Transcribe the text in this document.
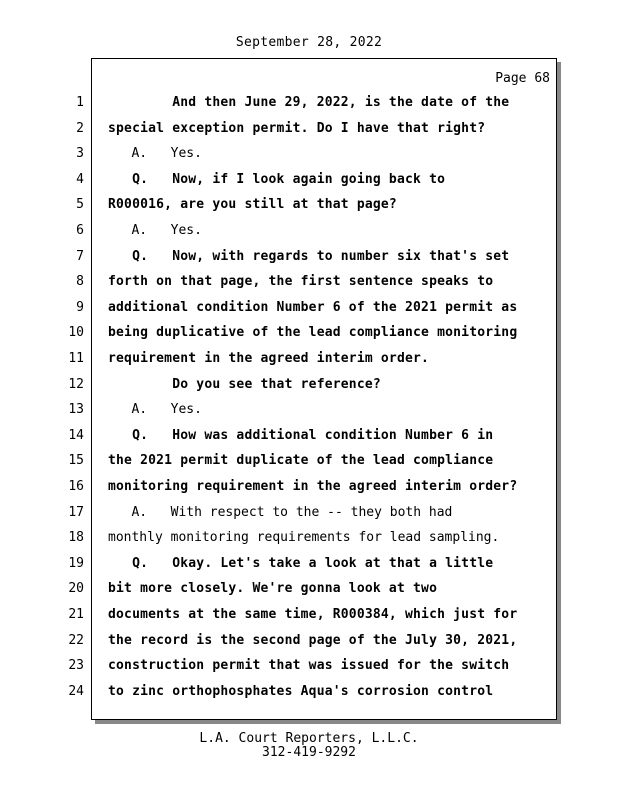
September 28, 2022
Page 68
1 And then June 29, 2022, is the date of the
2 special exception permit. Do I have that right?
3 A.   Yes.
4 Q.   Now, if I look again going back to
5 R000016, are you still at that page?
6 A.   Yes.
7 Q.   Now, with regards to number six that's set
8 forth on that page, the first sentence speaks to
9 additional condition Number 6 of the 2021 permit as
10 being duplicative of the lead compliance monitoring
11 requirement in the agreed interim order.
12 Do you see that reference?
13 A.   Yes.
14 Q.   How was additional condition Number 6 in
15 the 2021 permit duplicate of the lead compliance
16 monitoring requirement in the agreed interim order?
17 A.   With respect to the -- they both had
18 monthly monitoring requirements for lead sampling.
19 Q.   Okay. Let's take a look at that a little
20 bit more closely. We're gonna look at two
21 documents at the same time, R000384, which just for
22 the record is the second page of the July 30, 2021,
23 construction permit that was issued for the switch
24 to zinc orthophosphates Aqua's corrosion control
L.A. Court Reporters, L.L.C.
312-419-9292
